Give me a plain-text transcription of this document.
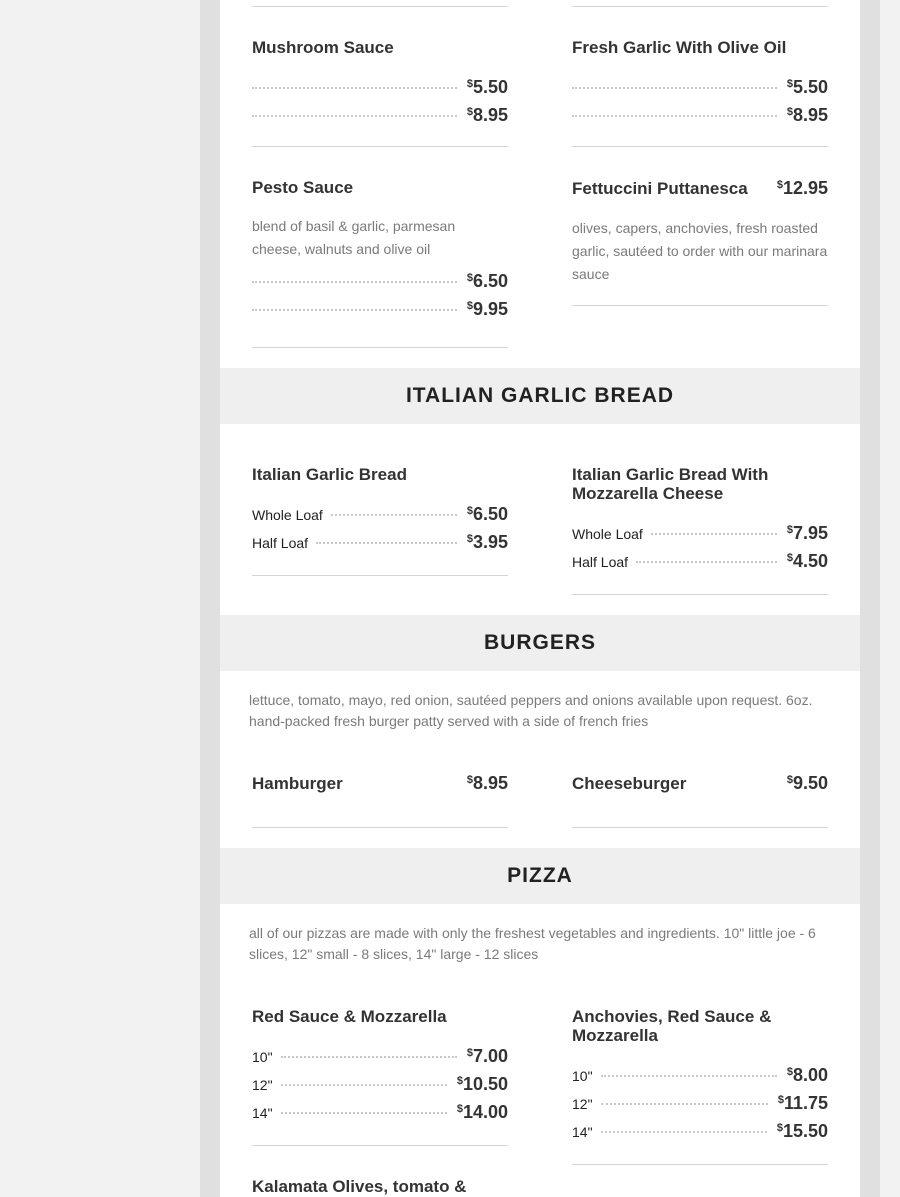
Mushroom Sauce
$5.50
$8.95
Fresh Garlic With Olive Oil
$5.50
$8.95
Pesto Sauce
blend of basil & garlic, parmesan cheese, walnuts and olive oil
$6.50
$9.95
Fettuccini Puttanesca	$12.95
olives, capers, anchovies, fresh roasted garlic, sautéed to order with our marinara sauce
ITALIAN GARLIC BREAD
Italian Garlic Bread
Whole Loaf	$6.50
Half Loaf	$3.95
Italian Garlic Bread With Mozzarella Cheese
Whole Loaf	$7.95
Half Loaf	$4.50
BURGERS
lettuce, tomato, mayo, red onion, sautéed peppers and onions available upon request. 6oz. hand-packed fresh burger patty served with a side of french fries
Hamburger	$8.95	Cheeseburger	$9.50
PIZZA
all of our pizzas are made with only the freshest vegetables and ingredients. 10" little joe - 6 slices, 12" small - 8 slices, 14" large - 12 slices
Red Sauce & Mozzarella
10"	$7.00
12"	$10.50
14"	$14.00
Anchovies, Red Sauce & Mozzarella
10"	$8.00
12"	$11.75
14"	$15.50
Kalamata Olives, tomato &
